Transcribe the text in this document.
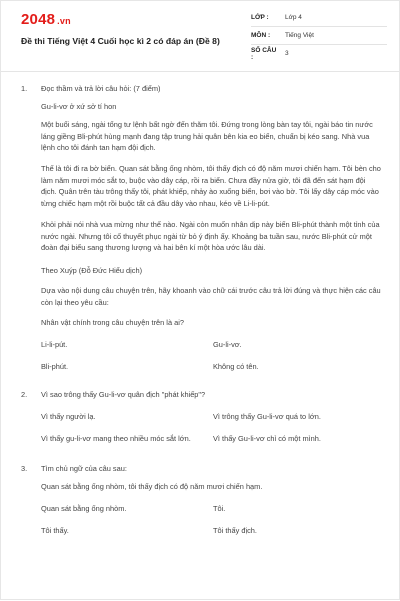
2048 .vn
Đề thi Tiếng Việt 4 Cuối học kì 2 có đáp án (Đề 8)
LỚP :	Lớp 4
MÔN :	Tiếng Việt
SỐ CÂU :	3
1.	Đọc thầm và trả lời câu hỏi: (7 điểm)
Gu-li-vơ ở xứ sở tí hon

Một buổi sáng, ngài tổng tư lệnh bất ngờ đến thăm tôi. Đứng trong lòng bàn tay tôi, ngài báo tin nước láng giềng Bli-phút hùng mạnh đang tập trung hải quân bên kia eo biển, chuẩn bị kéo sang. Nhà vua lệnh cho tôi đánh tan hạm đội địch.

Thế là tôi đi ra bờ biển. Quan sát bằng ống nhòm, tôi thấy địch có độ năm mươi chiến hạm. Tôi bèn cho làm năm mươi móc sắt to, buộc vào dây cáp, rồi ra biển. Chưa đầy nửa giờ, tôi đã đến sát hạm đội địch. Quân trên tàu trông thấy tôi, phát khiếp, nhảy ào xuống biển, bơi vào bờ. Tôi lấy dây cáp móc vào từng chiếc hạm một rồi buộc tất cả đầu dây vào nhau, kéo về Li-li-pút.

Khỏi phải nói nhà vua mừng như thế nào. Ngài còn muốn nhân dịp này biến Bli-phút thành một tỉnh của nước ngài. Nhưng tôi cố thuyết phục ngài từ bỏ ý định ấy. Khoảng ba tuần sau, nước Bli-phút cử một đoàn đại biểu sang thương lượng và hai bên kí một hòa ước lâu dài.

Theo Xuýp (Đỗ Đức Hiểu dịch)
Dựa vào nội dung câu chuyện trên, hãy khoanh vào chữ cái trước câu trả lời đúng và thực hiện các câu còn lại theo yêu cầu:
Nhân vật chính trong câu chuyện trên là ai?
Li-li-pút.	Gu-li-vơ.
Bli-phút.	Không có tên.
2.	Vì sao trông thấy Gu-li-vơ quân địch "phát khiếp"?
Vì thấy người lạ.	Vì trông thấy Gu-li-vơ quá to lớn.
Vì thấy gu-li-vơ mang theo nhiều móc sắt lớn.	Vì thấy Gu-li-vơ chỉ có một mình.
3.	Tìm chủ ngữ của câu sau:
Quan sát bằng ống nhòm, tôi thấy địch có độ năm mươi chiến hạm.
Quan sát bằng ống nhòm.	Tôi.
Tôi thấy.	Tôi thấy địch.
